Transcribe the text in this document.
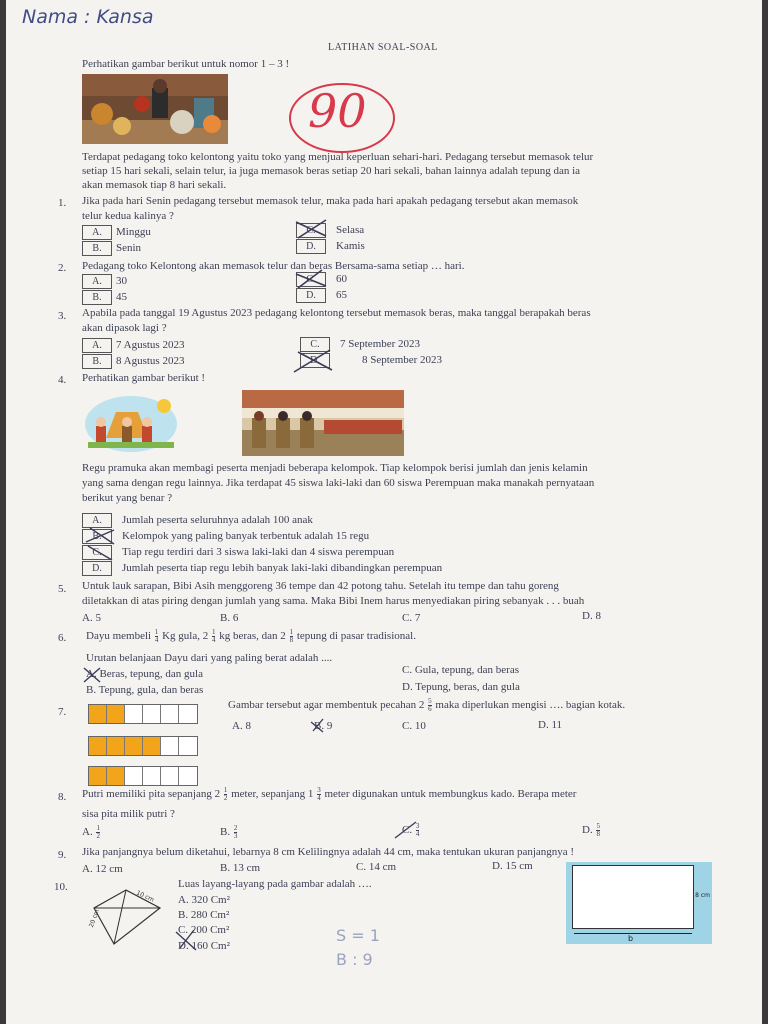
Nama : Kansa
LATIHAN SOAL-SOAL
Perhatikan gambar berikut untuk nomor 1 – 3 !
90
Terdapat pedagang toko kelontong yaitu toko yang menjual keperluan sehari-hari. Pedagang tersebut memasok telur
setiap 15 hari sekali, selain telur, ia juga memasok beras setiap 20 hari sekali, bahan lainnya adalah tepung dan ia
akan memasok tiap 8 hari sekali.
1. Jika pada hari Senin pedagang tersebut memasok telur, maka pada hari apakah pedagang tersebut akan memasok
telur kedua kalinya ?
A.	Minggu
B.	Senin
C.	Selasa
D.	Kamis
2. Pedagang toko Kelontong akan memasok telur dan beras Bersama-sama setiap … hari.
A.	30
B.	45
C.	60
D.	65
3. Apabila pada tanggal 19 Agustus 2023 pedagang kelontong tersebut memasok beras, maka tanggal berapakah beras
akan dipasok lagi ?
A.	7 Agustus 2023
B.	8 Agustus 2023
C.	7 September 2023
D.	8 September 2023
4. Perhatikan gambar berikut !
Regu pramuka akan membagi peserta menjadi beberapa kelompok. Tiap kelompok berisi jumlah dan jenis kelamin
yang sama dengan regu lainnya. Jika terdapat 45 siswa laki-laki dan 60 siswa Perempuan maka manakah pernyataan
berikut yang benar ?
A.	Jumlah peserta seluruhnya adalah 100 anak
B.	Kelompok yang paling banyak terbentuk adalah 15 regu
C.	Tiap regu terdiri dari 3 siswa laki-laki dan 4 siswa perempuan
D.	Jumlah peserta tiap regu lebih banyak laki-laki dibandingkan perempuan
5. Untuk lauk sarapan, Bibi Asih menggoreng 36 tempe dan 42 potong tahu. Setelah itu tempe dan tahu goreng
diletakkan di atas piring dengan jumlah yang sama. Maka Bibi Inem harus menyediakan piring sebanyak . . . buah
A. 5	B. 6	C. 7	D. 8
6. Dayu membeli $\frac{1}{4}$ Kg gula, $2 \frac{1}{4}$ kg beras, dan $2 \frac{1}{8}$ tepung di pasar tradisional.
Urutan belanjaan Dayu dari yang paling berat adalah ....
A. Beras, tepung, dan gula
B. Tepung, gula, dan beras
C. Gula, tepung, dan beras
D. Tepung, beras, dan gula
7.
Gambar tersebut agar membentuk pecahan $2 \frac{5}{6}$ maka diperlukan mengisi …. bagian kotak.
A. 8	B. 9	C. 10	D. 11
8. Putri memiliki pita sepanjang $2 \frac{1}{2}$ meter, sepanjang $1 \frac{3}{4}$ meter digunakan untuk membungkus kado. Berapa meter
sisa pita milik putri ?
A. $\frac{1}{2}$	B. $\frac{2}{3}$	C. $\frac{3}{4}$	D. $\frac{5}{8}$
9. Jika panjangnya belum diketahui, lebarnya 8 cm Kelilingnya adalah 44 cm, maka tentukan ukuran panjangnya !
A. 12 cm	B. 13 cm	C. 14 cm	D. 15 cm
8 cm
b
10.	Luas layang-layang pada gambar adalah ….
10 cm
20 cm
A. 320 Cm²
B. 280 Cm²
C. 200 Cm²
D. 160 Cm²
S = 1
B : 9
